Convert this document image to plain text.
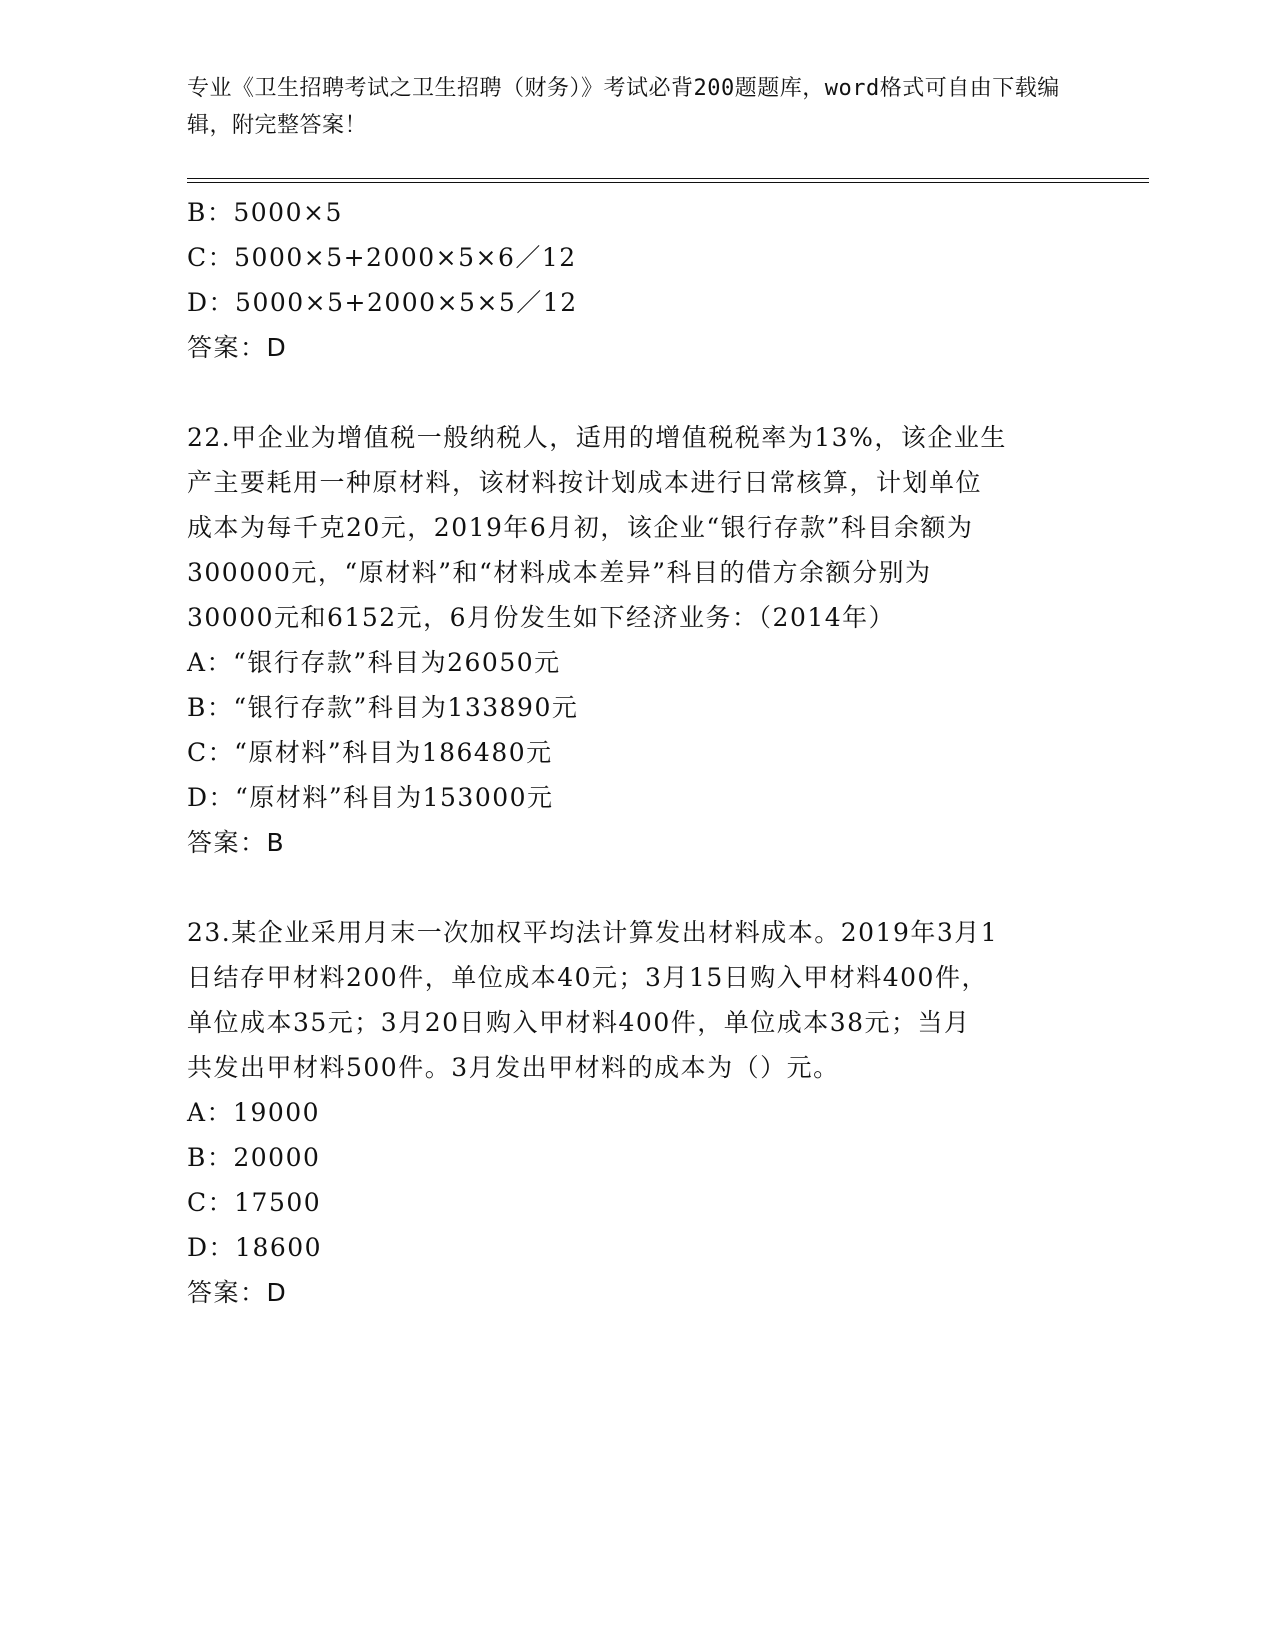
专业《卫生招聘考试之卫生招聘（财务）》考试必背200题题库，word格式可自由下载编辑，附完整答案！

B：5000×5

C：5000×5+2000×5×6／12

D：5000×5+2000×5×5／12

答案：D

22.甲企业为增值税一般纳税人，适用的增值税税率为13%，该企业生

产主要耗用一种原材料，该材料按计划成本进行日常核算，计划单位

成本为每千克20元，2019年6月初，该企业“银行存款”科目余额为

300000元，“原材料”和“材料成本差异”科目的借方余额分别为

30000元和6152元，6月份发生如下经济业务：（2014年）

A：“银行存款”科目为26050元

B：“银行存款”科目为133890元

C：“原材料”科目为186480元

D：“原材料”科目为153000元

答案：B

23.某企业采用月末一次加权平均法计算发出材料成本。2019年3月1

日结存甲材料200件，单位成本40元；3月15日购入甲材料400件，

单位成本35元；3月20日购入甲材料400件，单位成本38元；当月

共发出甲材料500件。3月发出甲材料的成本为（）元。

A：19000

B：20000

C：17500

D：18600

答案：D
